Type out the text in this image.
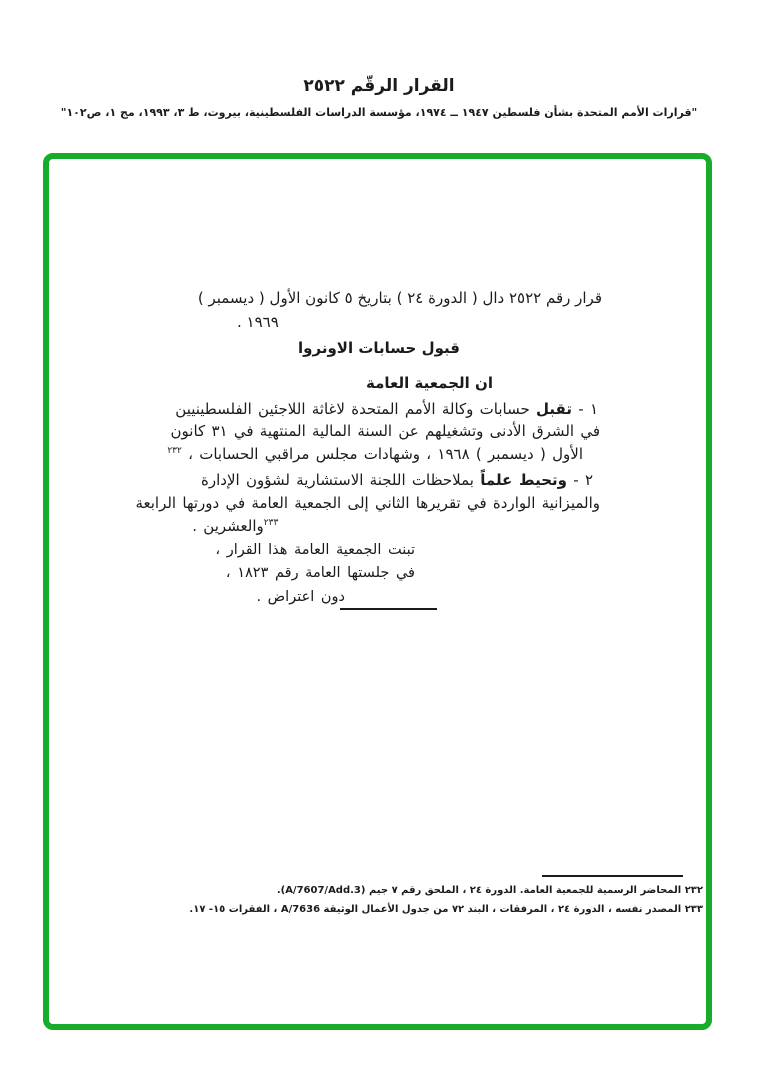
القرار الرقّم ٢٥٢٢
"قرارات الأمم المتحدة بشأن فلسطين ١٩٤٧ ــ ١٩٧٤، مؤسسة الدراسات الفلسطينية، بيروت، ط ٣، ١٩٩٣، مج ١، ص١٠٢"
قرار رقم ٢٥٢٢ دال ( الدورة ٢٤ ) بتاريخ ٥ كانون الأول ( ديسمبر )
١٩٦٩ .
قبول حسابات الاونروا
ان الجمعية العامة
١ - تقبل حسابات وكالة الأمم المتحدة لاغاثة اللاجئين الفلسطينيين
في الشرق الأدنى وتشغيلهم عن السنة المالية المنتهية في ٣١ كانون
الأول ( ديسمبر ) ١٩٦٨ ، وشهادات مجلس مراقبي الحسابات ، $^{٢٣٢}$
٢ - وتحيط علماً بملاحظات اللجنة الاستشارية لشؤون الإدارة
والميزانية الواردة في تقريرها الثاني إلى الجمعية العامة في دورتها الرابعة
والعشرين . $^{٢٣٣}$
تبنت الجمعية العامة هذا القرار ،
في جلستها العامة رقم ١٨٢٣ ،
دون اعتراض .
٢٣٢ المحاضر الرسمية للجمعية العامة. الدورة ٢٤ ، الملحق رقم ٧ جيم (A/7607/Add.3).
٢٣٣ المصدر نفسه ، الدورة ٢٤ ، المرفقات ، البند ٧٢ من جدول الأعمال الوثيقة A/7636 ، الفقرات ١٥- ١٧.
